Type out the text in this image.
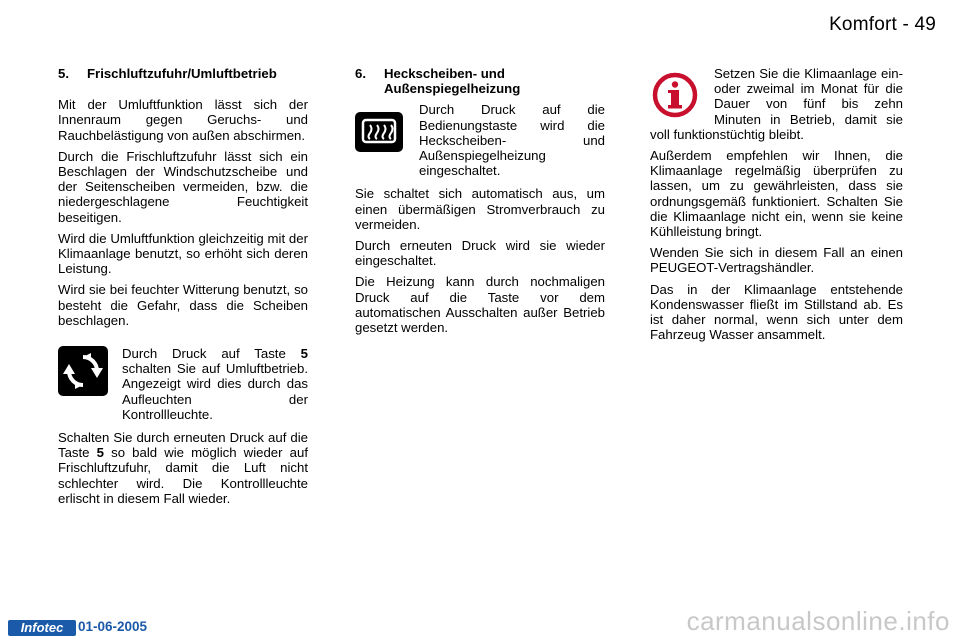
Komfort - 49
5.	Frischluftzufuhr/Umluftbetrieb

Mit der Umluftfunktion lässt sich der Innenraum gegen Geruchs- und Rauchbelästigung von außen abschirmen.

Durch die Frischluftzufuhr lässt sich ein Beschlagen der Windschutzscheibe und der Seitenscheiben vermeiden, bzw. die niedergeschlagene Feuchtigkeit beseitigen.

Wird die Umluftfunktion gleichzeitig mit der Klimaanlage benutzt, so erhöht sich deren Leistung.

Wird sie bei feuchter Witterung benutzt, so besteht die Gefahr, dass die Scheiben beschlagen.

Durch Druck auf Taste 5 schalten Sie auf Umluftbetrieb. Angezeigt wird dies durch das Aufleuchten der Kontrollleuchte.

Schalten Sie durch erneuten Druck auf die Taste 5 so bald wie möglich wieder auf Frischluftzufuhr, damit die Luft nicht schlechter wird. Die Kontrollleuchte erlischt in diesem Fall wieder.

6.	Heckscheiben- und Außenspiegelheizung

Durch Druck auf die Bedienungstaste wird die Heckscheiben- und Außenspiegelheizung eingeschaltet.

Sie schaltet sich automatisch aus, um einen übermäßigen Stromverbrauch zu vermeiden.

Durch erneuten Druck wird sie wieder eingeschaltet.

Die Heizung kann durch nochmaligen Druck auf die Taste vor dem automatischen Ausschalten außer Betrieb gesetzt werden.

Setzen Sie die Klimaanlage ein- oder zweimal im Monat für die Dauer von fünf bis zehn Minuten in Betrieb, damit sie voll funktionstüchtig bleibt.

Außerdem empfehlen wir Ihnen, die Klimaanlage regelmäßig überprüfen zu lassen, um zu gewährleisten, dass sie ordnungsgemäß funktioniert. Schalten Sie die Klimaanlage nicht ein, wenn sie keine Kühlleistung bringt.

Wenden Sie sich in diesem Fall an einen PEUGEOT-Vertragshändler.

Das in der Klimaanlage entstehende Kondenswasser fließt im Stillstand ab. Es ist daher normal, wenn sich unter dem Fahrzeug Wasser ansammelt.

Infotec	01-06-2005	carmanualsonline.info
